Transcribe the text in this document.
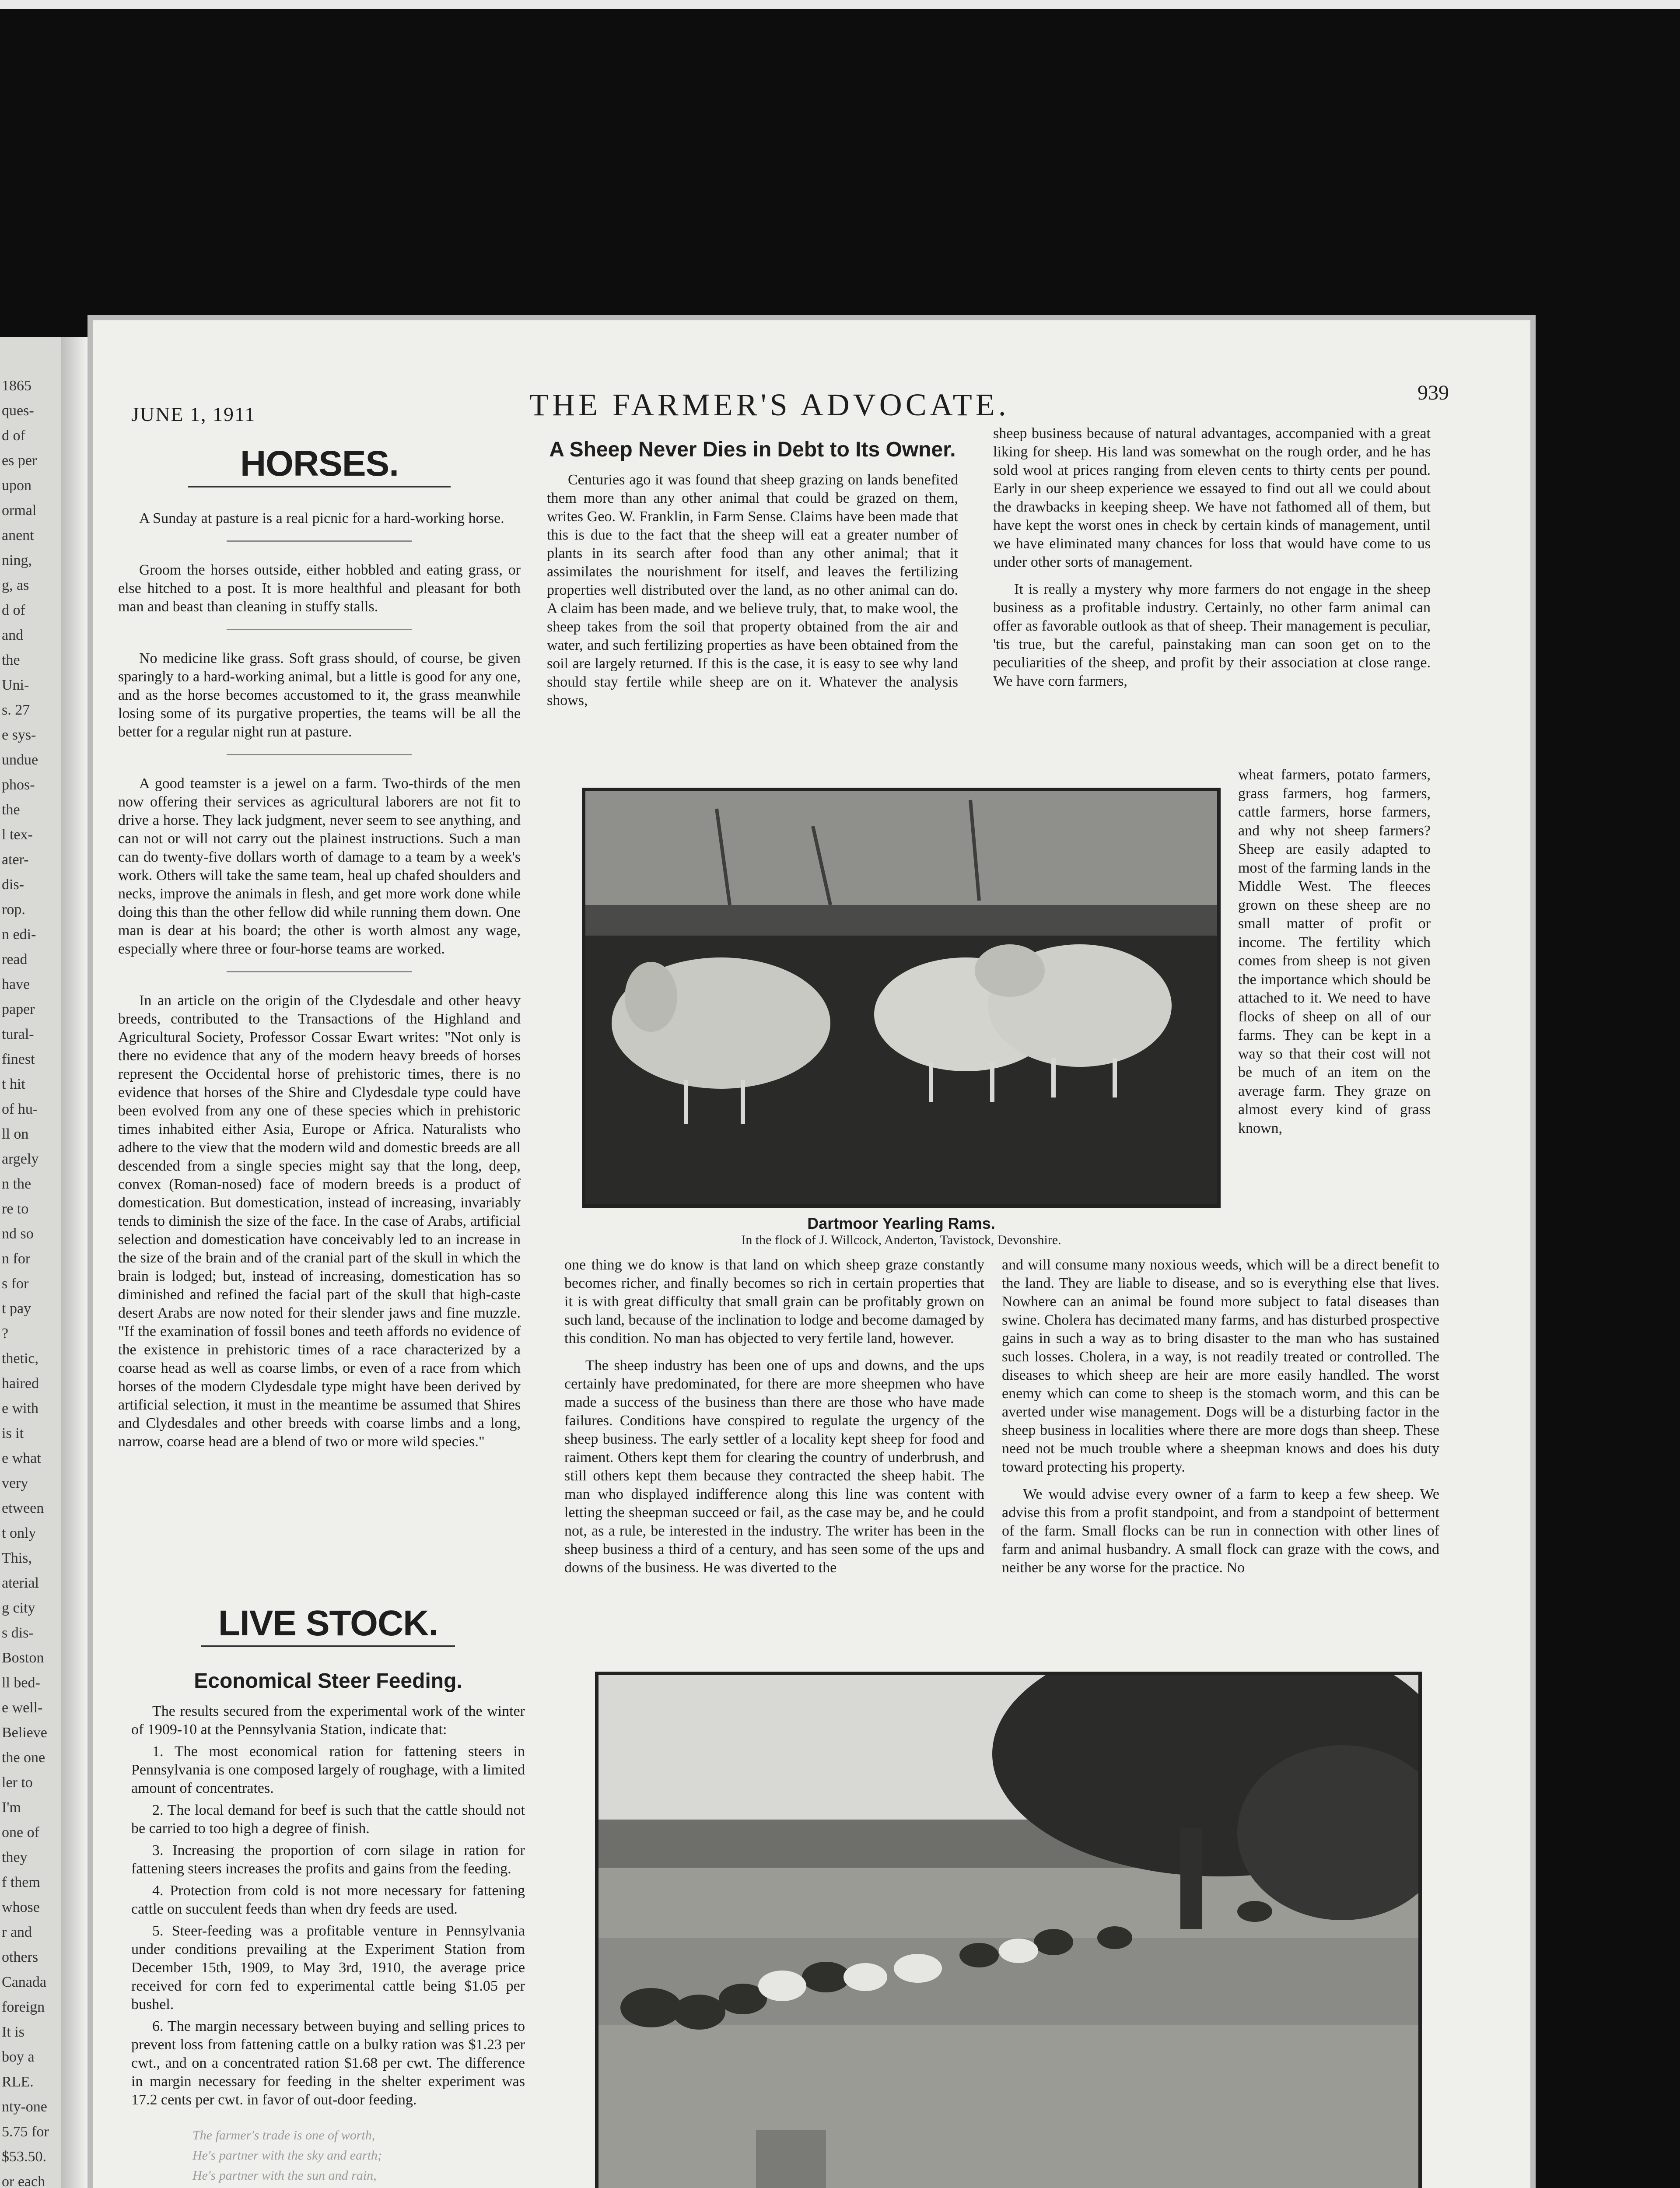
1865
ques-
d of
es per
upon
ormal
anent
ning,
g, as
d of
and
the
Uni-
s. 27
e sys-
undue
phos-
the
l tex-
ater-
dis-
rop.
n edi-
read
have
paper
tural-
finest
t hit
of hu-
ll on
argely
n the
re to
nd so
n for
s for
t pay
?
thetic,
haired
e with
is it
e what
very
etween
t only
This,
aterial
g city
s dis-
Boston
ll bed-
e well-
Believe
the one
ler to
I'm
one of
they
f them
whose
r and
others
Canada
foreign
It is
boy a
RLE.
nty-one
5.75 for
$53.50.
or each
JUNE 1, 1911	THE FARMER'S ADVOCATE.	939
HORSES.

A Sunday at pasture is a real picnic for a hard-working horse.

Groom the horses outside, either hobbled and eating grass, or else hitched to a post. It is more healthful and pleasant for both man and beast than cleaning in stuffy stalls.

No medicine like grass. Soft grass should, of course, be given sparingly to a hard-working animal, but a little is good for any one, and as the horse becomes accustomed to it, the grass meanwhile losing some of its purgative properties, the teams will be all the better for a regular night run at pasture.

A good teamster is a jewel on a farm. Two-thirds of the men now offering their services as agricultural laborers are not fit to drive a horse. They lack judgment, never seem to see anything, and can not or will not carry out the plainest instructions. Such a man can do twenty-five dollars worth of damage to a team by a week's work. Others will take the same team, heal up chafed shoulders and necks, improve the animals in flesh, and get more work done while doing this than the other fellow did while running them down. One man is dear at his board; the other is worth almost any wage, especially where three or four-horse teams are worked.

In an article on the origin of the Clydesdale and other heavy breeds, contributed to the Transactions of the Highland and Agricultural Society, Professor Cossar Ewart writes: "Not only is there no evidence that any of the modern heavy breeds of horses represent the Occidental horse of prehistoric times, there is no evidence that horses of the Shire and Clydesdale type could have been evolved from any one of these species which in prehistoric times inhabited either Asia, Europe or Africa. Naturalists who adhere to the view that the modern wild and domestic breeds are all descended from a single species might say that the long, deep, convex (Roman-nosed) face of modern breeds is a product of domestication. But domestication, instead of increasing, invariably tends to diminish the size of the face. In the case of Arabs, artificial selection and domestication have conceivably led to an increase in the size of the brain and of the cranial part of the skull in which the brain is lodged; but, instead of increasing, domestication has so diminished and refined the facial part of the skull that high-caste desert Arabs are now noted for their slender jaws and fine muzzle. "If the examination of fossil bones and teeth affords no evidence of the existence in prehistoric times of a race characterized by a coarse head as well as coarse limbs, or even of a race from which horses of the modern Clydesdale type might have been derived by artificial selection, it must in the meantime be assumed that Shires and Clydesdales and other breeds with coarse limbs and a long, narrow, coarse head are a blend of two or more wild species."

LIVE STOCK.
Economical Steer Feeding.

The results secured from the experimental work of the winter of 1909-10 at the Pennsylvania Station, indicate that:

1. The most economical ration for fattening steers in Pennsylvania is one composed largely of roughage, with a limited amount of concentrates.

2. The local demand for beef is such that the cattle should not be carried to too high a degree of finish.

3. Increasing the proportion of corn silage in ration for fattening steers increases the profits and gains from the feeding.

4. Protection from cold is not more necessary for fattening cattle on succulent feeds than when dry feeds are used.

5. Steer-feeding was a profitable venture in Pennsylvania under conditions prevailing at the Experiment Station from December 15th, 1909, to May 3rd, 1910, the average price received for corn fed to experimental cattle being $1.05 per bushel.

6. The margin necessary between buying and selling prices to prevent loss from fattening cattle on a bulky ration was $1.23 per cwt., and on a concentrated ration $1.68 per cwt. The difference in margin necessary for feeding in the shelter experiment was 17.2 cents per cwt. in favor of out-door feeding.

The farmer's trade is one of worth,

He's partner with the sky and earth;

He's partner with the sun and rain,

A Sheep Never Dies in Debt to Its Owner.

Centuries ago it was found that sheep grazing on lands benefited them more than any other animal that could be grazed on them, writes Geo. W. Franklin, in Farm Sense. Claims have been made that this is due to the fact that the sheep will eat a greater number of plants in its search after food than any other animal; that it assimilates the nourishment for itself, and leaves the fertilizing properties well distributed over the land, as no other animal can do. A claim has been made, and we believe truly, that, to make wool, the sheep takes from the soil that property obtained from the air and water, and such fertilizing properties as have been obtained from the soil are largely returned. If this is the case, it is easy to see why land should stay fertile while sheep are on it. Whatever the analysis shows,

sheep business because of natural advantages, accompanied with a great liking for sheep. His land was somewhat on the rough order, and he has sold wool at prices ranging from eleven cents to thirty cents per pound. Early in our sheep experience we essayed to find out all we could about the drawbacks in keeping sheep. We have not fathomed all of them, but have kept the worst ones in check by certain kinds of management, until we have eliminated many chances for loss that would have come to us under other sorts of management.

It is really a mystery why more farmers do not engage in the sheep business as a profitable industry. Certainly, no other farm animal can offer as favorable outlook as that of sheep. Their management is peculiar, 'tis true, but the careful, painstaking man can soon get on to the peculiarities of the sheep, and profit by their association at close range. We have corn farmers,

Dartmoor Yearling Rams.
In the flock of J. Willcock, Anderton, Tavistock, Devonshire.

wheat farmers, potato farmers, grass farmers, hog farmers, cattle farmers, horse farmers, and why not sheep farmers? Sheep are easily adapted to most of the farming lands in the Middle West. The fleeces grown on these sheep are no small matter of profit or income. The fertility which comes from sheep is not given the importance which should be attached to it. We need to have flocks of sheep on all of our farms. They can be kept in a way so that their cost will not be much of an item on the average farm. They graze on almost every kind of grass known,

one thing we do know is that land on which sheep graze constantly becomes richer, and finally becomes so rich in certain properties that it is with great difficulty that small grain can be profitably grown on such land, because of the inclination to lodge and become damaged by this condition. No man has objected to very fertile land, however.

The sheep industry has been one of ups and downs, and the ups certainly have predominated, for there are more sheepmen who have made a success of the business than there are those who have made failures. Conditions have conspired to regulate the urgency of the sheep business. The early settler of a locality kept sheep for food and raiment. Others kept them for clearing the country of underbrush, and still others kept them because they contracted the sheep habit. The man who displayed indifference along this line was content with letting the sheepman succeed or fail, as the case may be, and he could not, as a rule, be interested in the industry. The writer has been in the sheep business a third of a century, and has seen some of the ups and downs of the business. He was diverted to the

and will consume many noxious weeds, which will be a direct benefit to the land. They are liable to disease, and so is everything else that lives. Nowhere can an animal be found more subject to fatal diseases than swine. Cholera has decimated many farms, and has disturbed prospective gains in such a way as to bring disaster to the man who has sustained such losses. Cholera, in a way, is not readily treated or controlled. The diseases to which sheep are heir are more easily handled. The worst enemy which can come to sheep is the stomach worm, and this can be averted under wise management. Dogs will be a disturbing factor in the sheep business in localities where there are more dogs than sheep. These need not be much trouble where a sheepman knows and does his duty toward protecting his property.

We would advise every owner of a farm to keep a few sheep. We advise this from a profit standpoint, and from a standpoint of betterment of the farm. Small flocks can be run in connection with other lines of farm and animal husbandry. A small flock can graze with the cows, and neither be any worse for the practice. No
